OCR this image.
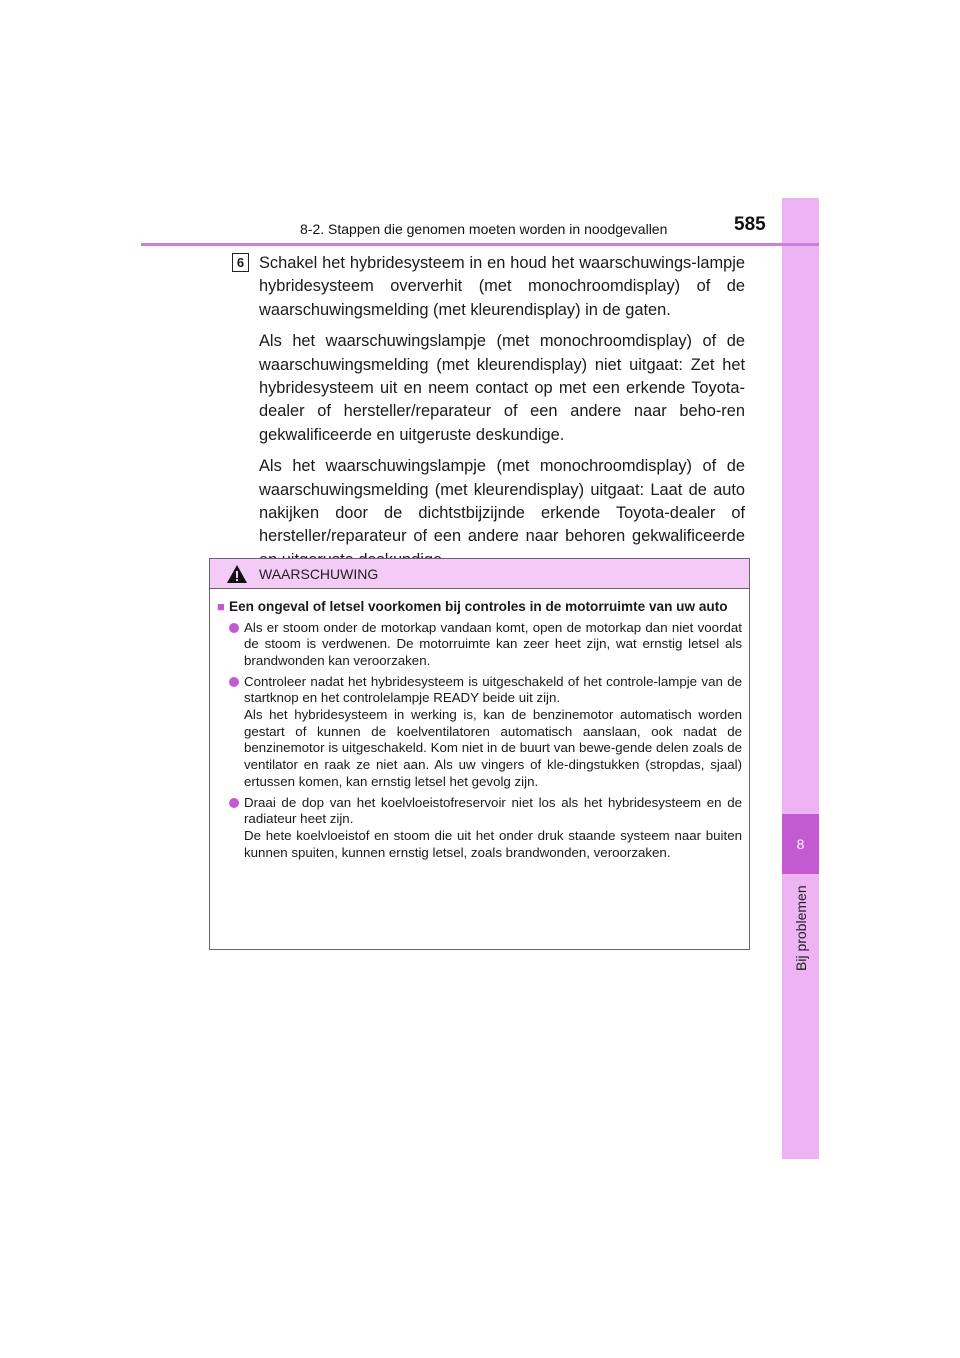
8
Bij problemen
8-2. Stappen die genomen moeten worden in noodgevallen	585
6 Schakel het hybridesysteem in en houd het waarschuwings-lampje hybridesysteem oververhit (met monochroomdisplay) of de waarschuwingsmelding (met kleurendisplay) in de gaten.

Als het waarschuwingslampje (met monochroomdisplay) of de waarschuwingsmelding (met kleurendisplay) niet uitgaat: Zet het hybridesysteem uit en neem contact op met een erkende Toyota-dealer of hersteller/reparateur of een andere naar beho-ren gekwalificeerde en uitgeruste deskundige.

Als het waarschuwingslampje (met monochroomdisplay) of de waarschuwingsmelding (met kleurendisplay) uitgaat: Laat de auto nakijken door de dichtstbijzijnde erkende Toyota-dealer of hersteller/reparateur of een andere naar behoren gekwalificeerde

WAARSCHUWING
■ Een ongeval of letsel voorkomen bij controles in de motorruimte van uw auto

Als er stoom onder de motorkap vandaan komt, open de motorkap dan niet voordat de stoom is verdwenen. De motorruimte kan zeer heet zijn, wat ernstig letsel als brandwonden kan veroorzaken.

Controleer nadat het hybridesysteem is uitgeschakeld of het controle-lampje van de startknop en het controlelampje READY beide uit zijn.

Als het hybridesysteem in werking is, kan de benzinemotor automatisch worden gestart of kunnen de koelventilatoren automatisch aanslaan, ook nadat de benzinemotor is uitgeschakeld. Kom niet in de buurt van bewe-gende delen zoals de ventilator en raak ze niet aan. Als uw vingers of kle-dingstukken (stropdas, sjaal) ertussen komen, kan ernstig letsel het gevolg zijn.

Draai de dop van het koelvloeistofreservoir niet los als het hybridesysteem en de radiateur heet zijn.

De hete koelvloeistof en stoom die uit het onder druk staande systeem naar buiten kunnen spuiten, kunnen ernstig letsel, zoals brandwonden, veroorzaken.
